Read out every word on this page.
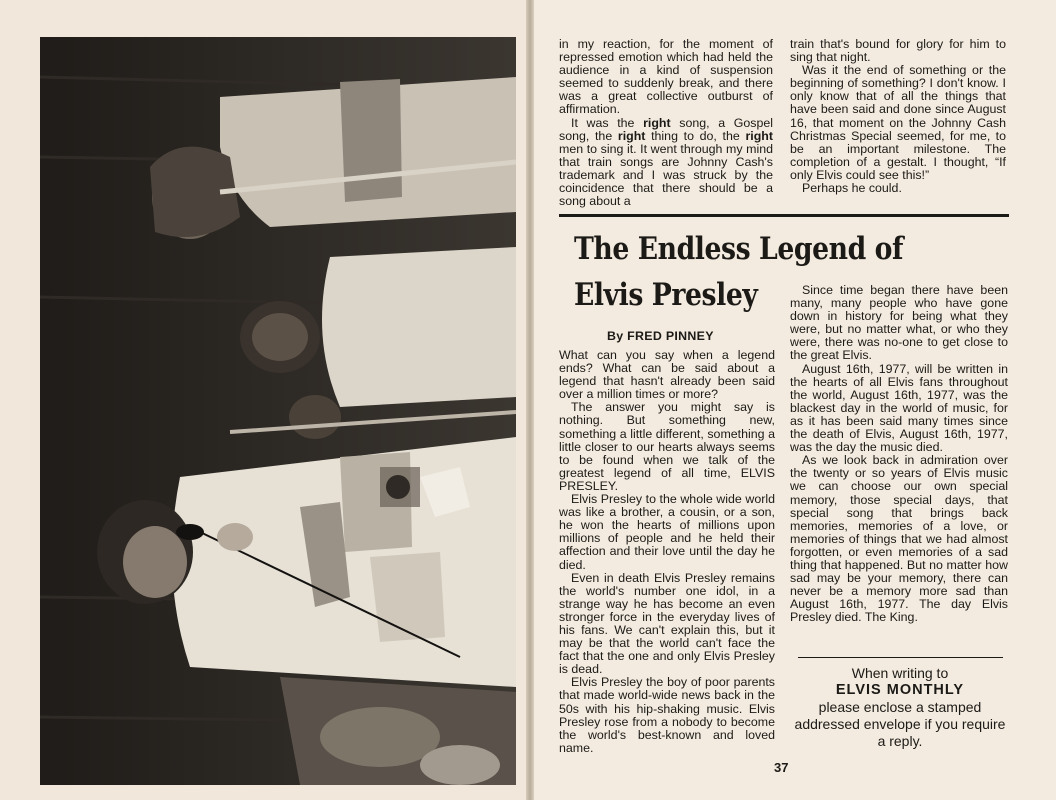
in my reaction, for the moment of repressed emotion which had held the audience in a kind of suspension seemed to suddenly break, and there was a great collective outburst of affirmation.

It was the right song, a Gospel song, the right thing to do, the right men to sing it. It went through my mind that train songs are Johnny Cash's trademark and I was struck by the coincidence that there should be a song about a

train that's bound for glory for him to sing that night.

Was it the end of something or the beginning of something? I don't know. I only know that of all the things that have been said and done since August 16, that moment on the Johnny Cash Christmas Special seemed, for me, to be an important milestone. The completion of a gestalt. I thought, “If only Elvis could see this!”

Perhaps he could.

The Endless Legend of
Elvis Presley
By FRED PINNEY

What can you say when a legend ends? What can be said about a legend that hasn't already been said over a million times or more?

The answer you might say is nothing. But something new, something a little different, something a little closer to our hearts always seems to be found when we talk of the greatest legend of all time, ELVIS PRESLEY.

Elvis Presley to the whole wide world was like a brother, a cousin, or a son, he won the hearts of millions upon millions of people and he held their affection and their love until the day he died.

Even in death Elvis Presley remains the world's number one idol, in a strange way he has become an even stronger force in the everyday lives of his fans. We can't explain this, but it may be that the world can't face the fact that the one and only Elvis Presley is dead.

Elvis Presley the boy of poor parents that made world-wide news back in the 50s with his hip-shaking music. Elvis Presley rose from a nobody to become the world's best-known and loved name.

Since time began there have been many, many people who have gone down in history for being what they were, but no matter what, or who they were, there was no-one to get close to the great Elvis.

August 16th, 1977, will be written in the hearts of all Elvis fans throughout the world, August 16th, 1977, was the blackest day in the world of music, for as it has been said many times since the death of Elvis, August 16th, 1977, was the day the music died.

As we look back in admiration over the twenty or so years of Elvis music we can choose our own special memory, those special days, that special song that brings back memories, memories of a love, or memories of things that we had almost forgotten, or even memories of a sad thing that happened. But no matter how sad may be your memory, there can never be a memory more sad than August 16th, 1977. The day Elvis Presley died. The King.

When writing to
ELVIS MONTHLY
please enclose a stamped addressed envelope if you require a reply.
37
